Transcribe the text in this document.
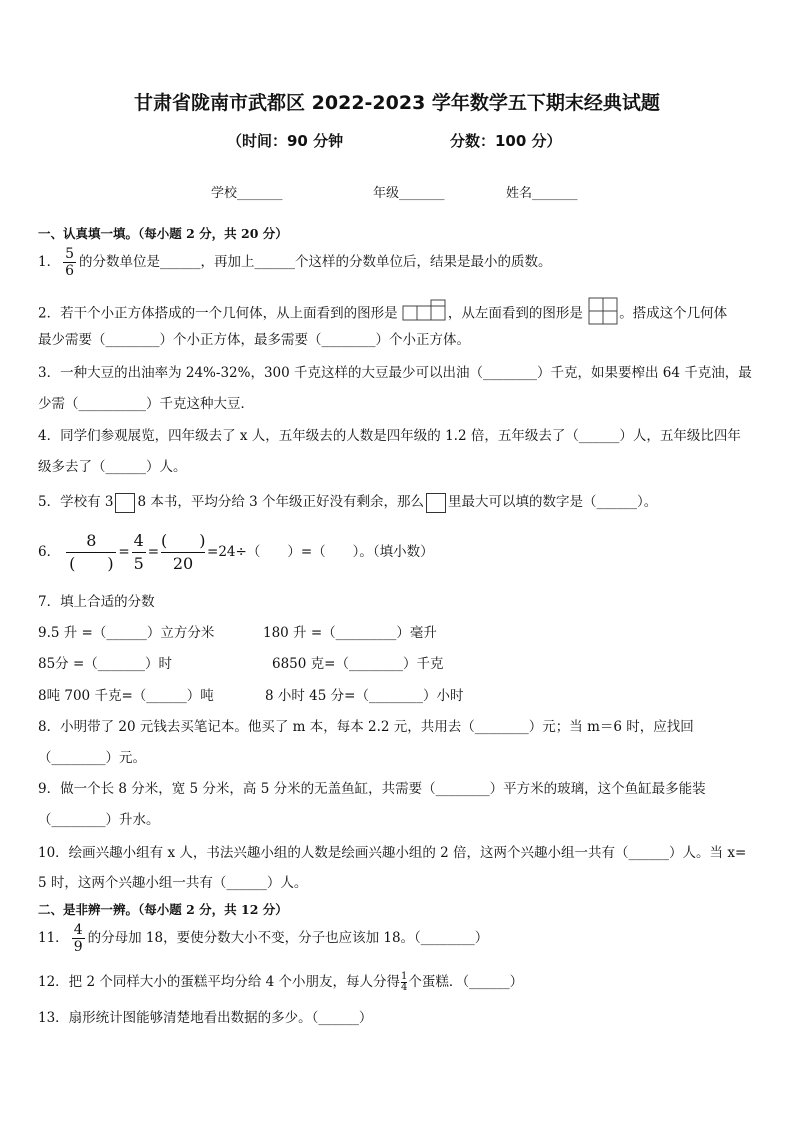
甘肃省陇南市武都区 2022-2023 学年数学五下期末经典试题
（时间：90 分钟	分数：100 分）
学校_______	年级_______	姓名_______
一、认真填一填。（每小题 2 分，共 20 分）
1． $\frac{5}{6}$ 的分数单位是______，再加上______个这样的分数单位后，结果是最小的质数。
2．若干个小正方体搭成的一个几何体，从上面看到的图形是	，从左面看到的图形是	。搭成这个几何体
最少需要（________）个小正方体，最多需要（________）个小正方体。
3．一种大豆的出油率为 24%-32%，300 千克这样的大豆最少可以出油（________）千克，如果要榨出 64 千克油，最
少需（__________）千克这种大豆．
4．同学们参观展览，四年级去了 x 人，五年级去的人数是四年级的 1.2 倍，五年级去了（______）人，五年级比四年
级多去了（______）人。
5．学校有 3 8 本书，平均分给 3 个年级正好没有剩余，那么 里最大可以填的数字是（______）。
6．
8
(　　)
= $\frac{4}{5}$ =
(　　)
20
=24÷（　　）=（　　）。（填小数）
7．填上合适的分数
9.5 升 =（______）立方分米	180 升 =（_________）毫升
85分 =（_______）时	6850 克=（________）千克
8吨 700 千克=（______）吨	8 小时 45 分=（________）小时
8．小明带了 20 元钱去买笔记本。他买了 m 本，每本 2.2 元，共用去（________）元；当 m＝6 时，应找回
（________）元。
9．做一个长 8 分米，宽 5 分米，高 5 分米的无盖鱼缸，共需要（________）平方米的玻璃，这个鱼缸最多能装
（________）升水。
10．绘画兴趣小组有 x 人，书法兴趣小组的人数是绘画兴趣小组的 2 倍，这两个兴趣小组一共有（______）人。当 x=
5 时，这两个兴趣小组一共有（______）人。
二、是非辨一辨。（每小题 2 分，共 12 分）
11． $\frac{4}{9}$ 的分母加 18，要使分数大小不变，分子也应该加 18。（________）
12．把 2 个同样大小的蛋糕平均分给 4 个小朋友，每人分得 $\frac{1}{4}$ 个蛋糕．（______）
13．扇形统计图能够清楚地看出数据的多少。（______）
